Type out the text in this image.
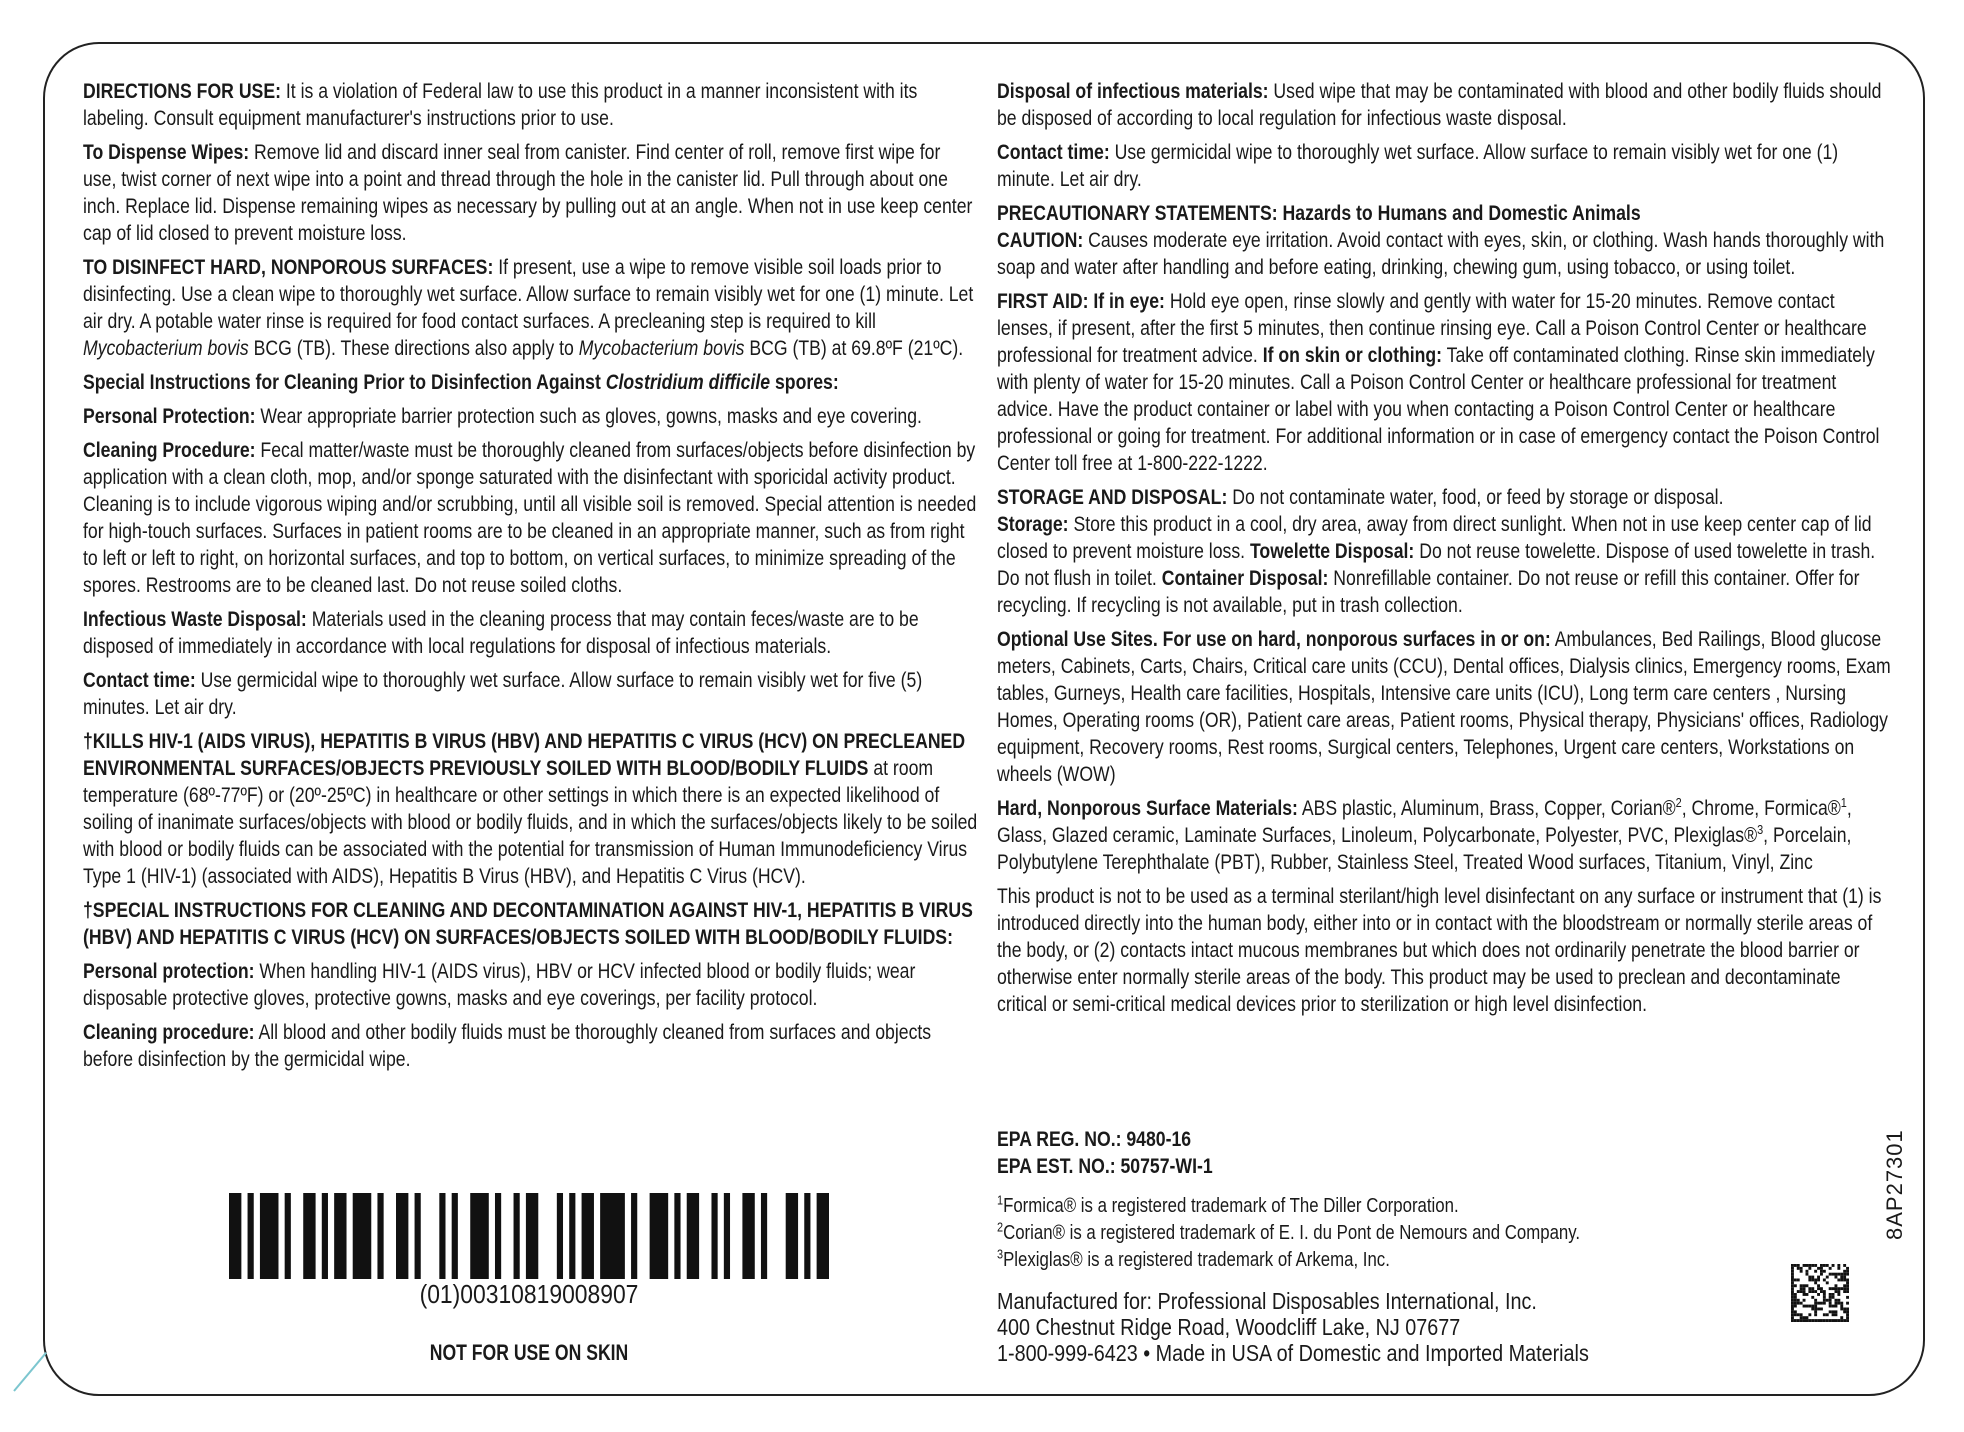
DIRECTIONS FOR USE: It is a violation of Federal law to use this product in a manner inconsistent with its labeling. Consult equipment manufacturer's instructions prior to use.
To Dispense Wipes: Remove lid and discard inner seal from canister. Find center of roll, remove first wipe for use, twist corner of next wipe into a point and thread through the hole in the canister lid. Pull through about one inch. Replace lid. Dispense remaining wipes as necessary by pulling out at an angle. When not in use keep center cap of lid closed to prevent moisture loss.
TO DISINFECT HARD, NONPOROUS SURFACES: If present, use a wipe to remove visible soil loads prior to disinfecting. Use a clean wipe to thoroughly wet surface. Allow surface to remain visibly wet for one (1) minute. Let air dry. A potable water rinse is required for food contact surfaces. A precleaning step is required to kill Mycobacterium bovis BCG (TB). These directions also apply to Mycobacterium bovis BCG (TB) at 69.8ºF (21ºC).
Special Instructions for Cleaning Prior to Disinfection Against Clostridium difficile spores:
Personal Protection: Wear appropriate barrier protection such as gloves, gowns, masks and eye covering.
Cleaning Procedure: Fecal matter/waste must be thoroughly cleaned from surfaces/objects before disinfection by application with a clean cloth, mop, and/or sponge saturated with the disinfectant with sporicidal activity product. Cleaning is to include vigorous wiping and/or scrubbing, until all visible soil is removed. Special attention is needed for high-touch surfaces. Surfaces in patient rooms are to be cleaned in an appropriate manner, such as from right to left or left to right, on horizontal surfaces, and top to bottom, on vertical surfaces, to minimize spreading of the spores. Restrooms are to be cleaned last. Do not reuse soiled cloths.
Infectious Waste Disposal: Materials used in the cleaning process that may contain feces/waste are to be disposed of immediately in accordance with local regulations for disposal of infectious materials.
Contact time: Use germicidal wipe to thoroughly wet surface. Allow surface to remain visibly wet for five (5) minutes. Let air dry.
†KILLS HIV-1 (AIDS VIRUS), HEPATITIS B VIRUS (HBV) AND HEPATITIS C VIRUS (HCV) ON PRECLEANED ENVIRONMENTAL SURFACES/OBJECTS PREVIOUSLY SOILED WITH BLOOD/BODILY FLUIDS at room temperature (68º-77ºF) or (20º-25ºC) in healthcare or other settings in which there is an expected likelihood of soiling of inanimate surfaces/objects with blood or bodily fluids, and in which the surfaces/objects likely to be soiled with blood or bodily fluids can be associated with the potential for transmission of Human Immunodeficiency Virus Type 1 (HIV-1) (associated with AIDS), Hepatitis B Virus (HBV), and Hepatitis C Virus (HCV).
†SPECIAL INSTRUCTIONS FOR CLEANING AND DECONTAMINATION AGAINST HIV-1, HEPATITIS B VIRUS (HBV) AND HEPATITIS C VIRUS (HCV) ON SURFACES/OBJECTS SOILED WITH BLOOD/BODILY FLUIDS:
Personal protection: When handling HIV-1 (AIDS virus), HBV or HCV infected blood or bodily fluids; wear disposable protective gloves, protective gowns, masks and eye coverings, per facility protocol.
Cleaning procedure: All blood and other bodily fluids must be thoroughly cleaned from surfaces and objects before disinfection by the germicidal wipe.
Disposal of infectious materials: Used wipe that may be contaminated with blood and other bodily fluids should be disposed of according to local regulation for infectious waste disposal.
Contact time: Use germicidal wipe to thoroughly wet surface. Allow surface to remain visibly wet for one (1) minute. Let air dry.
PRECAUTIONARY STATEMENTS: Hazards to Humans and Domestic Animals
CAUTION: Causes moderate eye irritation. Avoid contact with eyes, skin, or clothing. Wash hands thoroughly with soap and water after handling and before eating, drinking, chewing gum, using tobacco, or using toilet.
FIRST AID: If in eye: Hold eye open, rinse slowly and gently with water for 15-20 minutes. Remove contact lenses, if present, after the first 5 minutes, then continue rinsing eye. Call a Poison Control Center or healthcare professional for treatment advice. If on skin or clothing: Take off contaminated clothing. Rinse skin immediately with plenty of water for 15-20 minutes. Call a Poison Control Center or healthcare professional for treatment advice. Have the product container or label with you when contacting a Poison Control Center or healthcare professional or going for treatment. For additional information or in case of emergency contact the Poison Control Center toll free at 1-800-222-1222.
STORAGE AND DISPOSAL: Do not contaminate water, food, or feed by storage or disposal.
Storage: Store this product in a cool, dry area, away from direct sunlight. When not in use keep center cap of lid closed to prevent moisture loss. Towelette Disposal: Do not reuse towelette. Dispose of used towelette in trash. Do not flush in toilet. Container Disposal: Nonrefillable container. Do not reuse or refill this container. Offer for recycling. If recycling is not available, put in trash collection.
Optional Use Sites. For use on hard, nonporous surfaces in or on: Ambulances, Bed Railings, Blood glucose meters, Cabinets, Carts, Chairs, Critical care units (CCU), Dental offices, Dialysis clinics, Emergency rooms, Exam tables, Gurneys, Health care facilities, Hospitals, Intensive care units (ICU), Long term care centers , Nursing Homes, Operating rooms (OR), Patient care areas, Patient rooms, Physical therapy, Physicians' offices, Radiology equipment, Recovery rooms, Rest rooms, Surgical centers, Telephones, Urgent care centers, Workstations on wheels (WOW)
Hard, Nonporous Surface Materials: ABS plastic, Aluminum, Brass, Copper, Corian®$^2$, Chrome, Formica®$^1$, Glass, Glazed ceramic, Laminate Surfaces, Linoleum, Polycarbonate, Polyester, PVC, Plexiglas®$^3$, Porcelain, Polybutylene Terephthalate (PBT), Rubber, Stainless Steel, Treated Wood surfaces, Titanium, Vinyl, Zinc
This product is not to be used as a terminal sterilant/high level disinfectant on any surface or instrument that (1) is introduced directly into the human body, either into or in contact with the bloodstream or normally sterile areas of the body, or (2) contacts intact mucous membranes but which does not ordinarily penetrate the blood barrier or otherwise enter normally sterile areas of the body. This product may be used to preclean and decontaminate critical or semi-critical medical devices prior to sterilization or high level disinfection.
(01)00310819008907
NOT FOR USE ON SKIN
EPA REG. NO.: 9480-16
EPA EST. NO.: 50757-WI-1
$^1$Formica® is a registered trademark of The Diller Corporation.
$^2$Corian® is a registered trademark of E. I. du Pont de Nemours and Company.
$^3$Plexiglas® is a registered trademark of Arkema, Inc.
Manufactured for: Professional Disposables International, Inc.
400 Chestnut Ridge Road, Woodcliff Lake, NJ 07677
1-800-999-6423 • Made in USA of Domestic and Imported Materials
8AP27301
